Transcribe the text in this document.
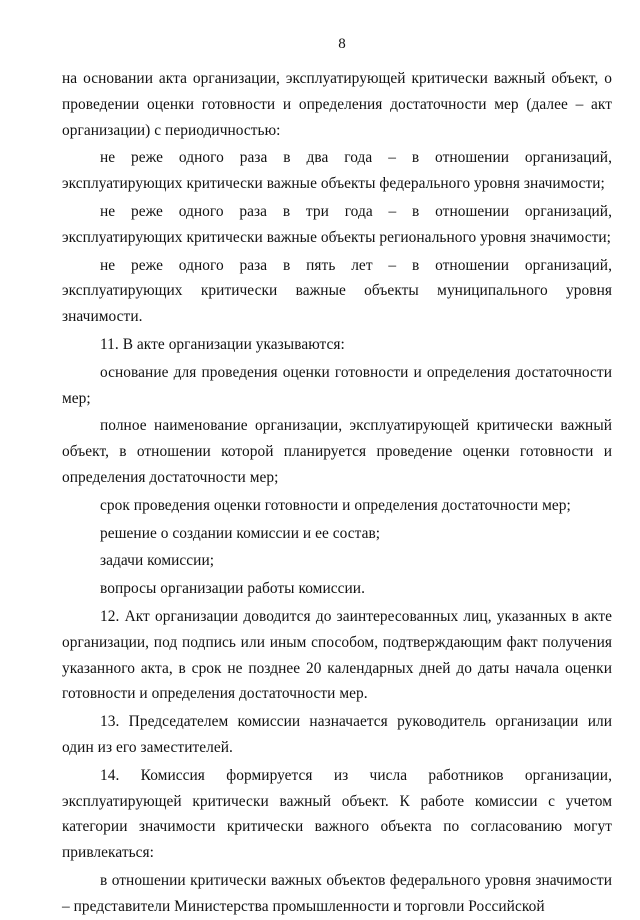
8

на основании акта организации, эксплуатирующей критически важный объект, о проведении оценки готовности и определения достаточности мер (далее – акт организации) с периодичностью:

не реже одного раза в два года – в отношении организаций, эксплуатирующих критически важные объекты федерального уровня значимости;

не реже одного раза в три года – в отношении организаций, эксплуатирующих критически важные объекты регионального уровня значимости;

не реже одного раза в пять лет – в отношении организаций, эксплуатирующих критически важные объекты муниципального уровня значимости.

11. В акте организации указываются:

основание для проведения оценки готовности и определения достаточности мер;

полное наименование организации, эксплуатирующей критически важный объект, в отношении которой планируется проведение оценки готовности и определения достаточности мер;

срок проведения оценки готовности и определения достаточности мер;

решение о создании комиссии и ее состав;

задачи комиссии;

вопросы организации работы комиссии.

12. Акт организации доводится до заинтересованных лиц, указанных в акте организации, под подпись или иным способом, подтверждающим факт получения указанного акта, в срок не позднее 20 календарных дней до даты начала оценки готовности и определения достаточности мер.

13. Председателем комиссии назначается руководитель организации или один из его заместителей.

14. Комиссия формируется из числа работников организации, эксплуатирующей критически важный объект. К работе комиссии с учетом категории значимости критически важного объекта по согласованию могут привлекаться:

в отношении критически важных объектов федерального уровня значимости – представители Министерства промышленности и торговли Российской
